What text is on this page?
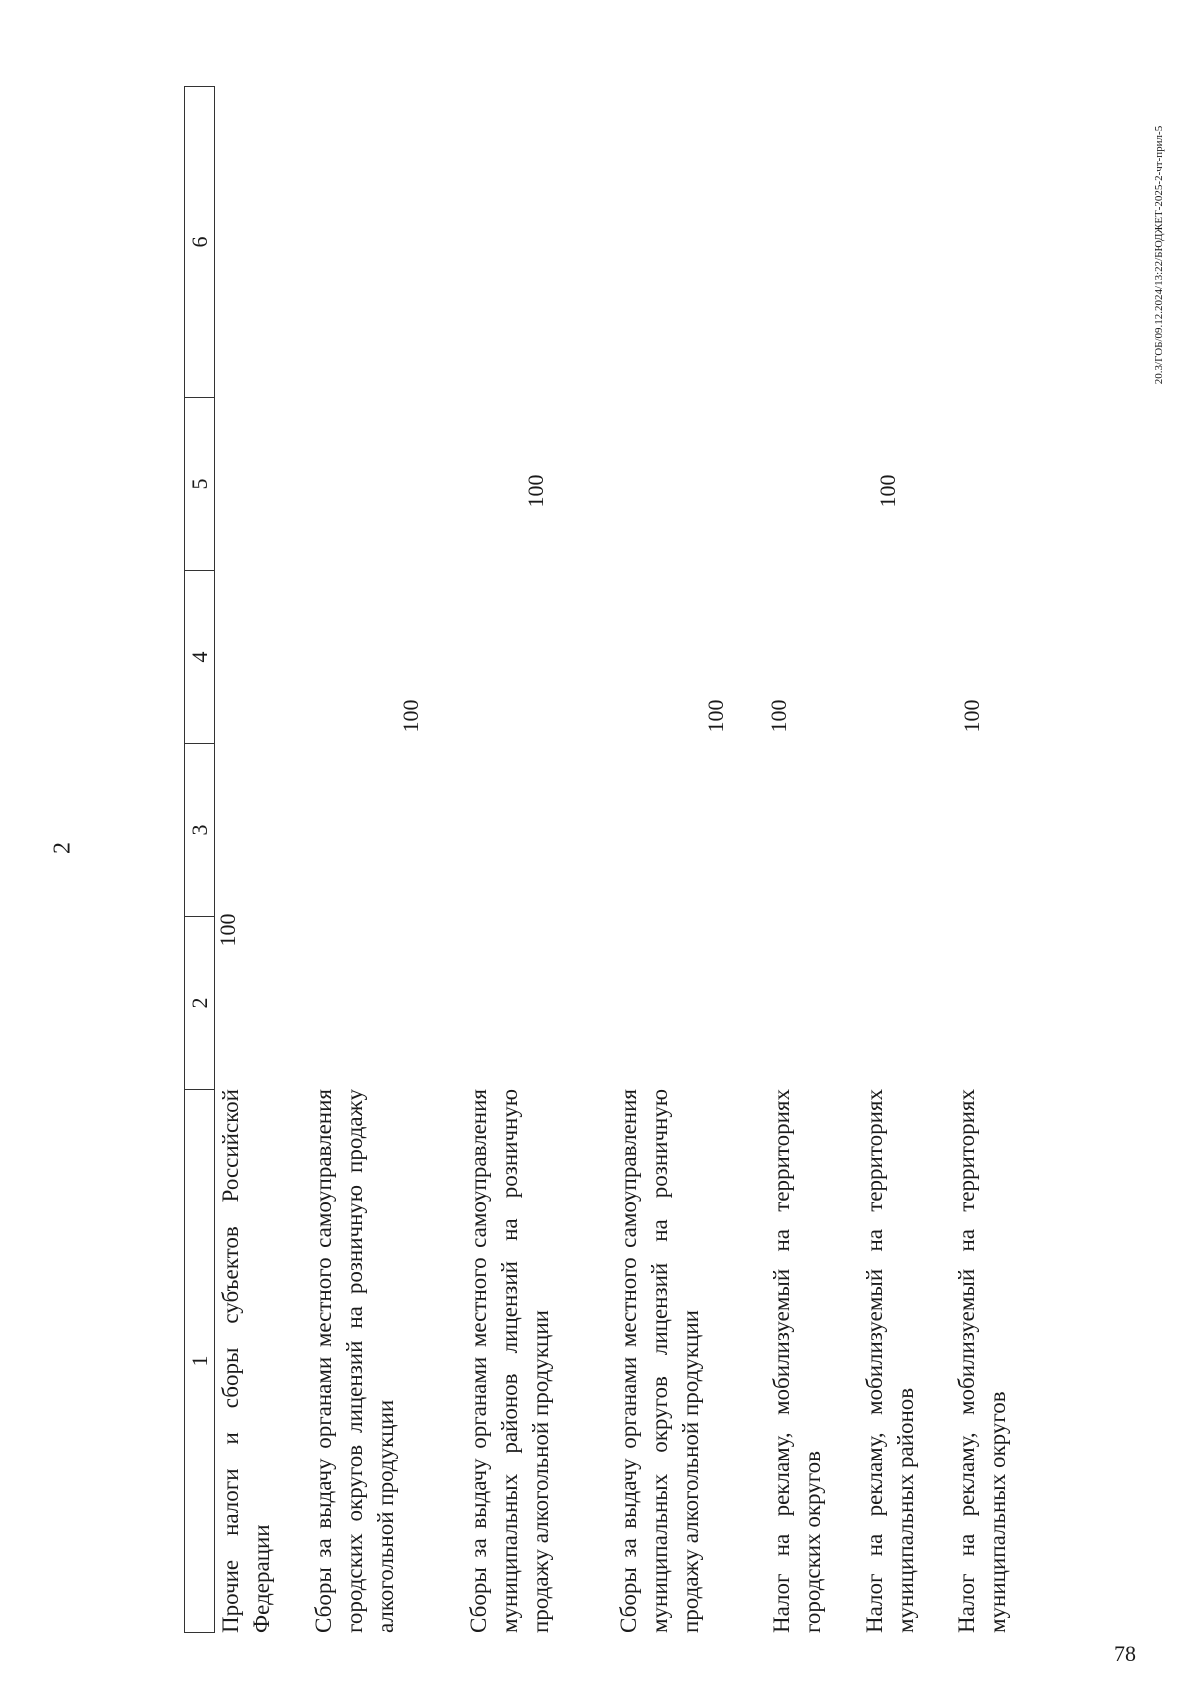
2
20.3/ГОБ/09.12.2024/13:22/БЮДЖЕТ-2025-2-чт-прил-5
78
1
2
3
4
5
6
Прочие налоги и сборы субъектов Российской Федерации
100
Сборы за выдачу органами местного самоуправления городских округов лицензий на розничную продажу алкогольной продукции
100
Сборы за выдачу органами местного самоуправления муниципальных районов лицензий на розничную продажу алкогольной продукции
100
Сборы за выдачу органами местного самоуправления муниципальных округов лицензий на розничную продажу алкогольной продукции
100
Налог на рекламу, мобилизуемый на территориях городских округов
100
Налог на рекламу, мобилизуемый на территориях муниципальных районов
100
Налог на рекламу, мобилизуемый на территориях муниципальных округов
100
